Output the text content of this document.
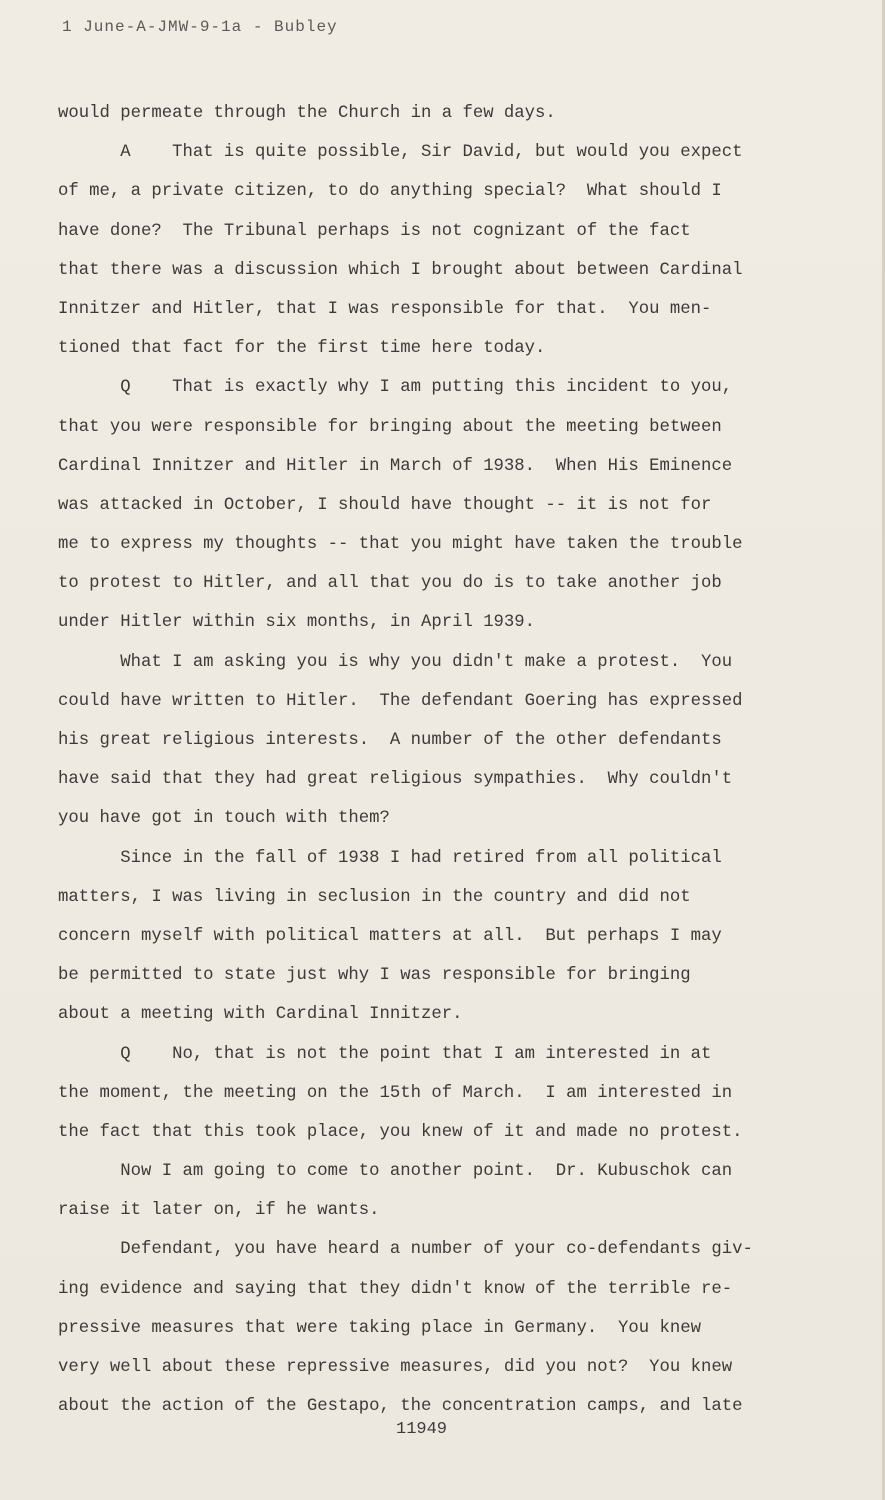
1 June-A-JMW-9-1a - Bubley
would permeate through the Church in a few days.
A    That is quite possible, Sir David, but would you expect
of me, a private citizen, to do anything special?  What should I
have done?  The Tribunal perhaps is not cognizant of the fact
that there was a discussion which I brought about between Cardinal
Innitzer and Hitler, that I was responsible for that.  You men-
tioned that fact for the first time here today.
Q    That is exactly why I am putting this incident to you,
that you were responsible for bringing about the meeting between
Cardinal Innitzer and Hitler in March of 1938.  When His Eminence
was attacked in October, I should have thought -- it is not for
me to express my thoughts -- that you might have taken the trouble
to protest to Hitler, and all that you do is to take another job
under Hitler within six months, in April 1939.
What I am asking you is why you didn't make a protest.  You
could have written to Hitler.  The defendant Goering has expressed
his great religious interests.  A number of the other defendants
have said that they had great religious sympathies.  Why couldn't
you have got in touch with them?
Since in the fall of 1938 I had retired from all political
matters, I was living in seclusion in the country and did not
concern myself with political matters at all.  But perhaps I may
be permitted to state just why I was responsible for bringing
about a meeting with Cardinal Innitzer.
Q    No, that is not the point that I am interested in at
the moment, the meeting on the 15th of March.  I am interested in
the fact that this took place, you knew of it and made no protest.
Now I am going to come to another point.  Dr. Kubuschok can
raise it later on, if he wants.
Defendant, you have heard a number of your co-defendants giv-
ing evidence and saying that they didn't know of the terrible re-
pressive measures that were taking place in Germany.  You knew
very well about these repressive measures, did you not?  You knew
about the action of the Gestapo, the concentration camps, and late
11949
